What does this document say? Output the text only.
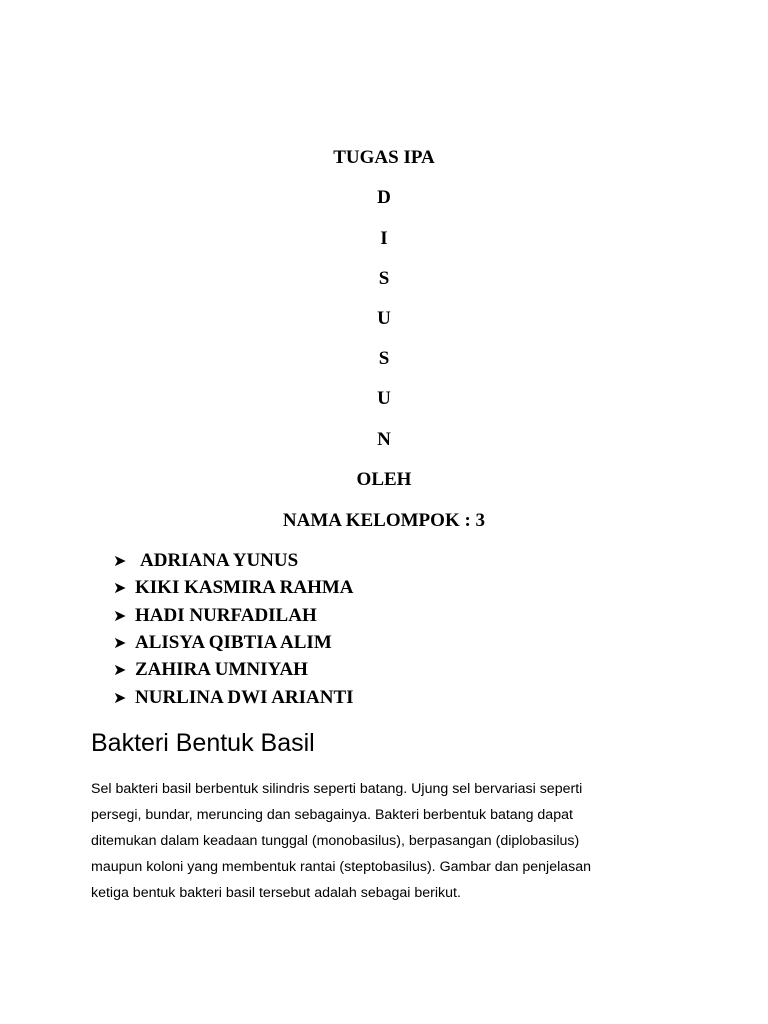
TUGAS IPA
D
I
S
U
S
U
N
OLEH
NAMA KELOMPOK : 3
➤ ADRIANA YUNUS
➤ KIKI KASMIRA RAHMA
➤ HADI NURFADILAH
➤ ALISYA QIBTIA ALIM
➤ ZAHIRA UMNIYAH
➤ NURLINA DWI ARIANTI
Bakteri Bentuk Basil
Sel bakteri basil berbentuk silindris seperti batang. Ujung sel bervariasi seperti
persegi, bundar, meruncing dan sebagainya. Bakteri berbentuk batang dapat
ditemukan dalam keadaan tunggal (monobasilus), berpasangan (diplobasilus)
maupun koloni yang membentuk rantai (steptobasilus). Gambar dan penjelasan
ketiga bentuk bakteri basil tersebut adalah sebagai berikut.
